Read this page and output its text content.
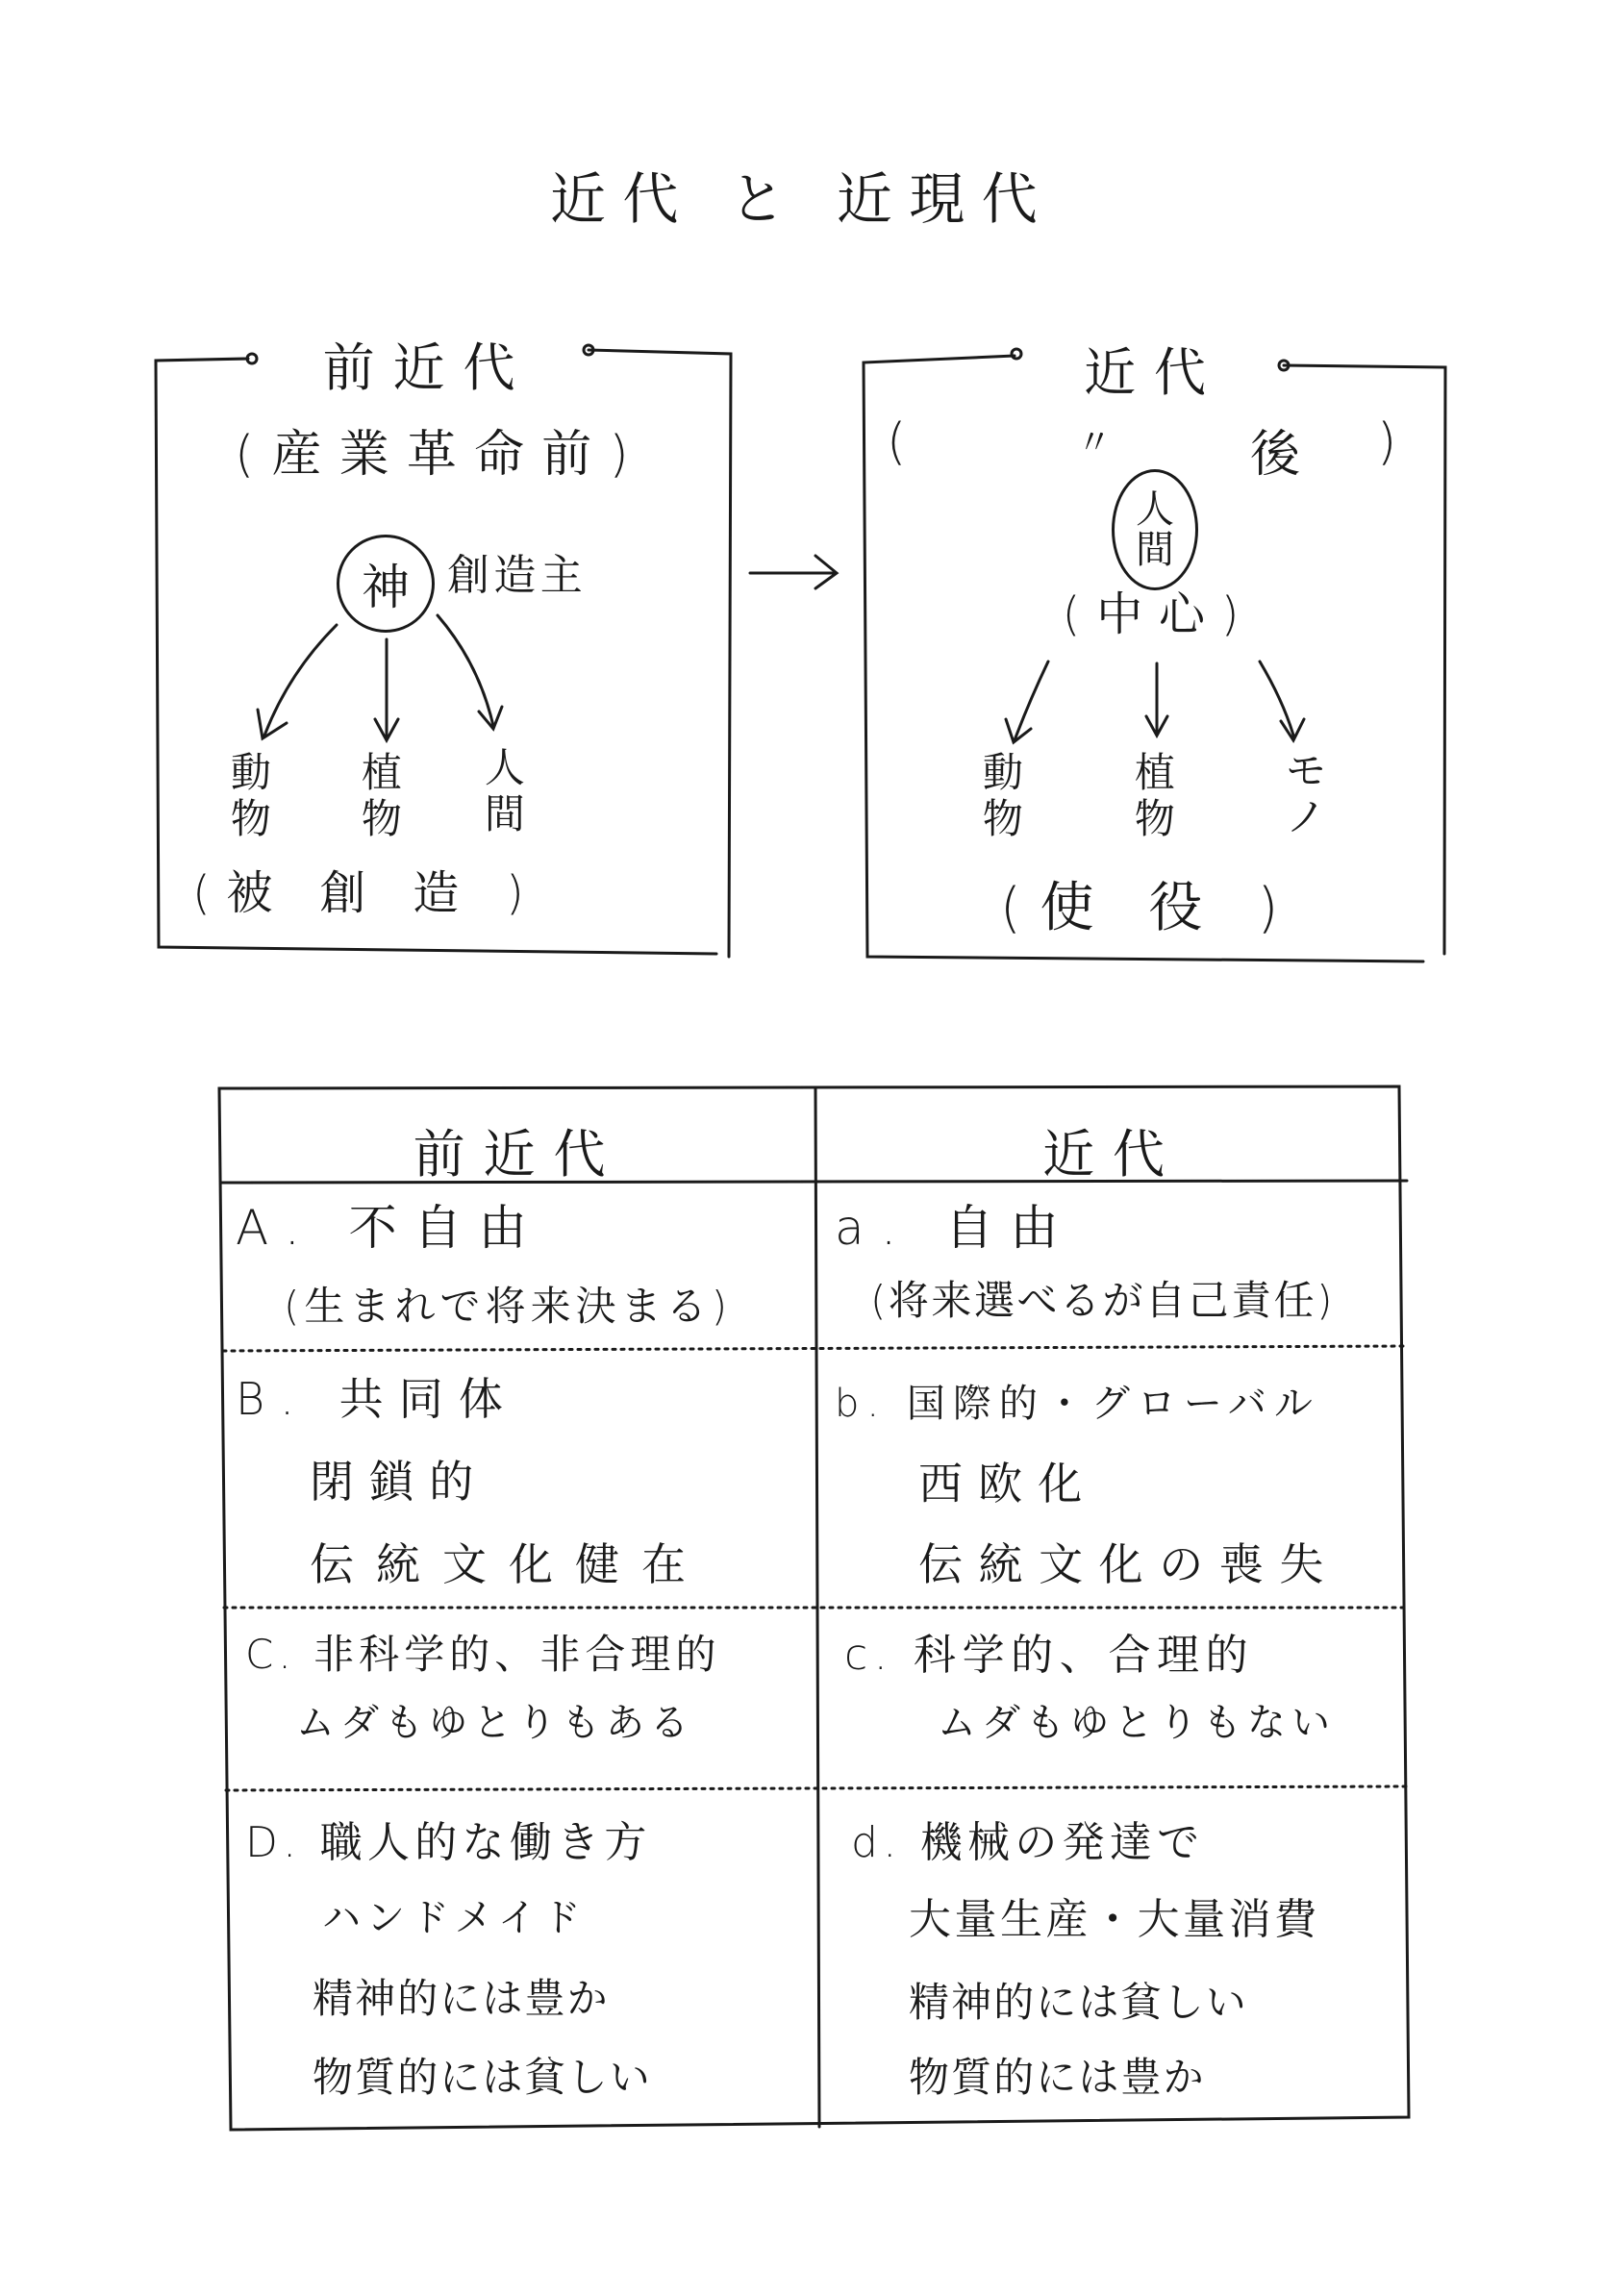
近代 と 近現代
前近代
(産業革命前)
神 創造主
動
物
植
物
人
間
(被 創 造 )
近代
(	〃	後 )
人
間
(中心)
動
物
植
物
モ
ノ
(使 役 )
前近代	近代
A. 不自由
(生まれで将来決まる)
a. 自由
(将来選べるが自己責任)
B. 共同体
閉鎖的
伝統文化健在
b. 国際的・グローバル
西欧化
伝統文化の喪失
C. 非科学的、非合理的
ムダもゆとりもある
c. 科学的、合理的
ムダもゆとりもない
D. 職人的な働き方
ハンドメイド
精神的には豊か
物質的には貧しい
d. 機械の発達で
大量生産・大量消費
精神的には貧しい
物質的には豊か
